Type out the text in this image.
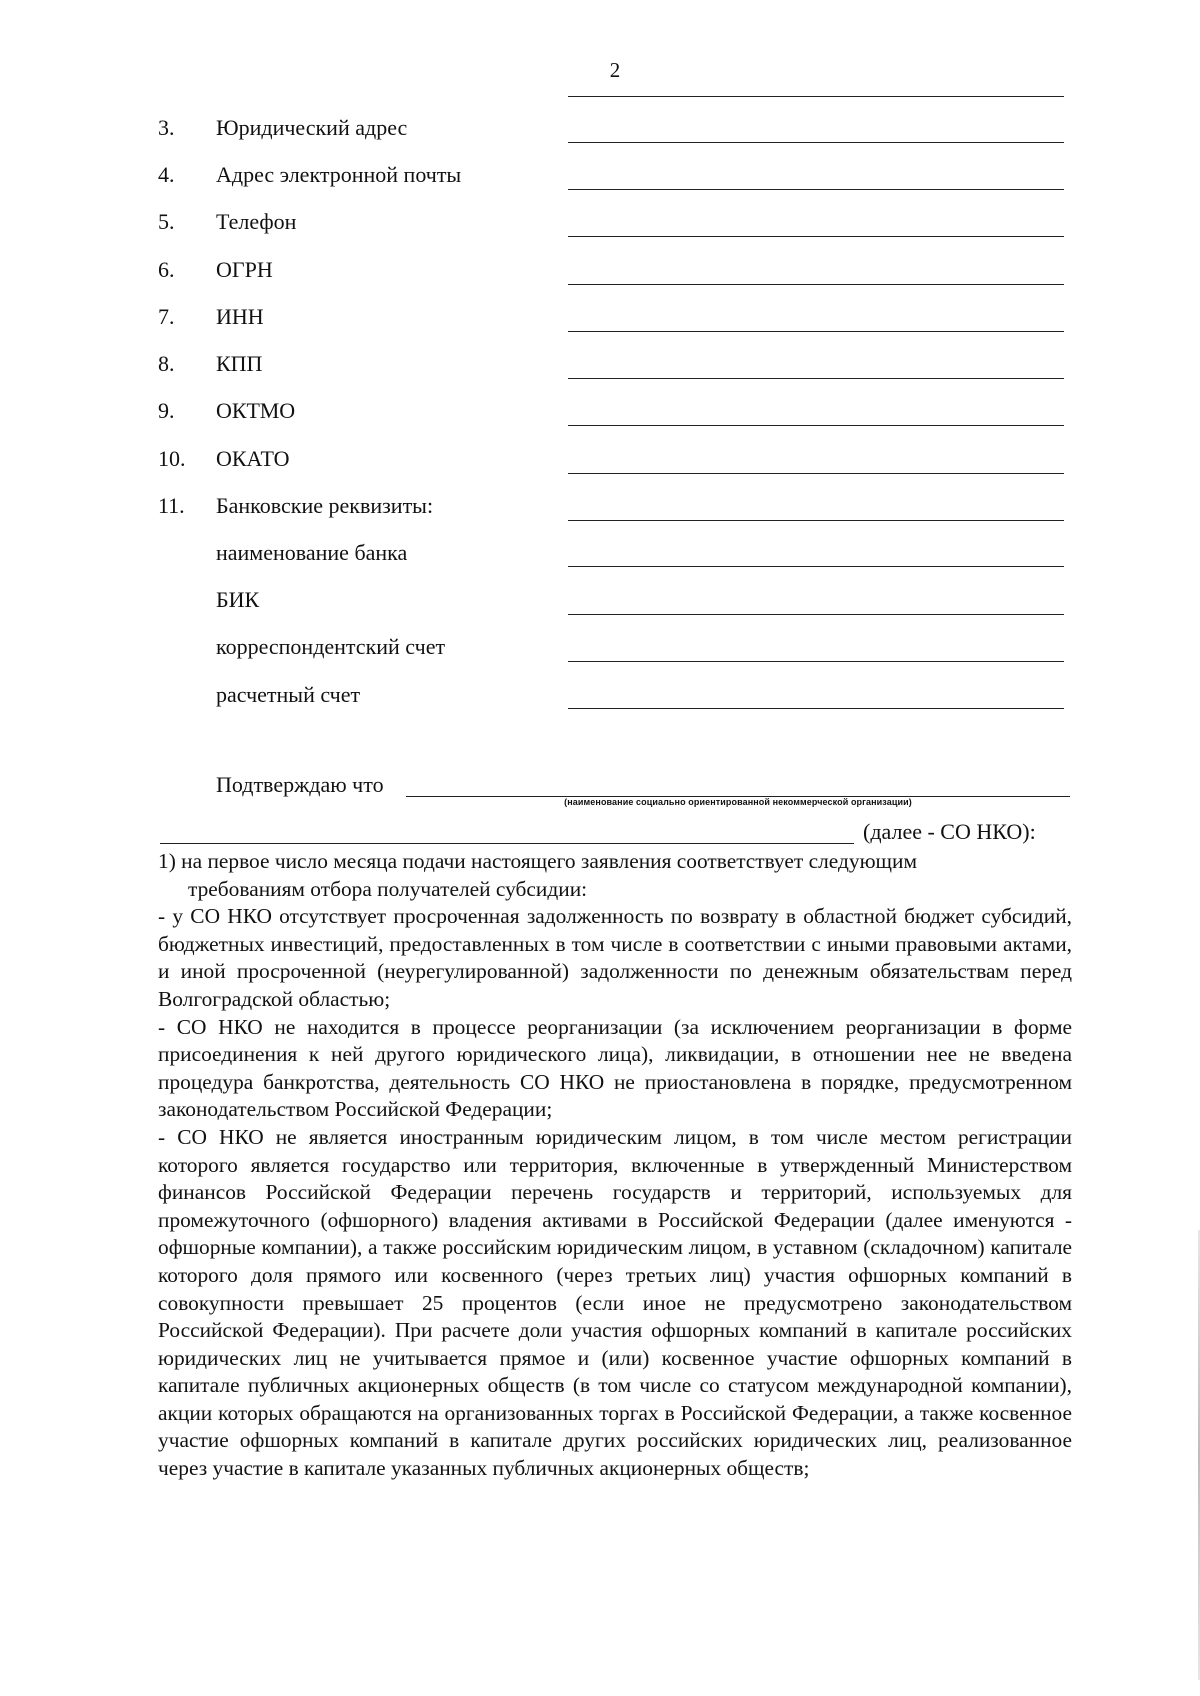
2
3. Юридический адрес
4. Адрес электронной почты
5. Телефон
6. ОГРН
7. ИНН
8. КПП
9. ОКТМО
10. ОКАТО
11. Банковские реквизиты:
наименование банка
БИК
корреспондентский счет
расчетный счет
Подтверждаю что
(наименование социально ориентированной некоммерческой организации)
(далее - СО НКО):

1) на первое число месяца подачи настоящего заявления соответствует следующим

требованиям отбора получателей субсидии:

- у СО НКО отсутствует просроченная задолженность по возврату в областной бюджет субсидий, бюджетных инвестиций, предоставленных в том числе в соответствии с иными правовыми актами, и иной просроченной (неурегулированной) задолженности по денежным обязательствам перед Волгоградской областью;

- СО НКО не находится в процессе реорганизации (за исключением реорганизации в форме присоединения к ней другого юридического лица), ликвидации, в отношении нее не введена процедура банкротства, деятельность СО НКО не приостановлена в порядке, предусмотренном законодательством Российской Федерации;

- СО НКО не является иностранным юридическим лицом, в том числе местом регистрации которого является государство или территория, включенные в утвержденный Министерством финансов Российской Федерации перечень государств и территорий, используемых для промежуточного (офшорного) владения активами в Российской Федерации (далее именуются - офшорные компании), а также российским юридическим лицом, в уставном (складочном) капитале которого доля прямого или косвенного (через третьих лиц) участия офшорных компаний в совокупности превышает 25 процентов (если иное не предусмотрено законодательством Российской Федерации). При расчете доли участия офшорных компаний в капитале российских юридических лиц не учитывается прямое и (или) косвенное участие офшорных компаний в капитале публичных акционерных обществ (в том числе со статусом международной компании), акции которых обращаются на организованных торгах в Российской Федерации, а также косвенное участие офшорных компаний в капитале других российских юридических лиц, реализованное через участие в капитале указанных публичных акционерных обществ;
